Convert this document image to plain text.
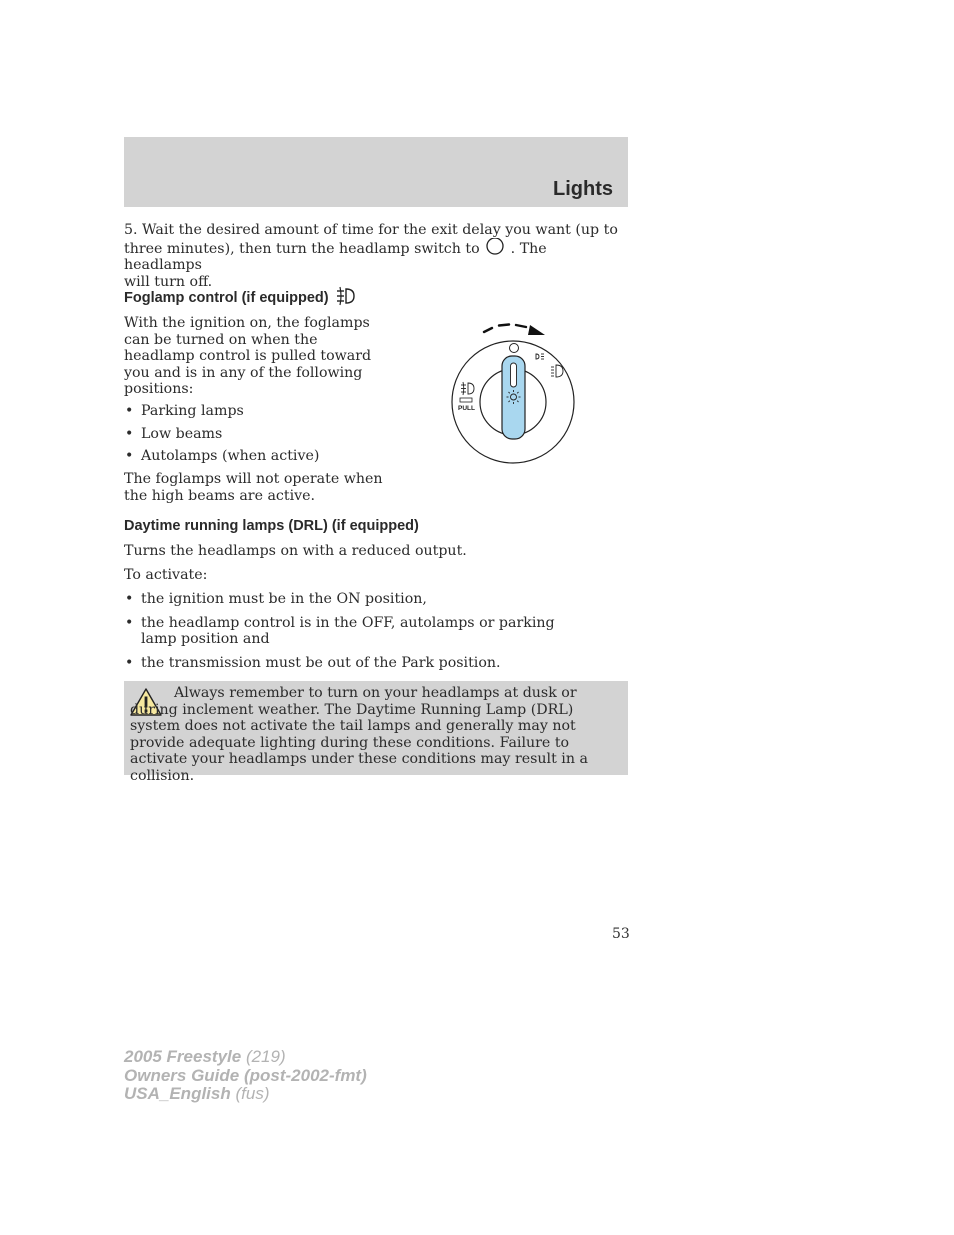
Lights
5. Wait the desired amount of time for the exit delay you want (up to
three minutes), then turn the headlamp switch to . The headlamps
will turn off.
Foglamp control (if equipped)
With the ignition on, the foglamps
can be turned on when the
headlamp control is pulled toward
you and is in any of the following
positions:
• Parking lamps
• Low beams
• Autolamps (when active)
The foglamps will not operate when
the high beams are active.
PULL
Daytime running lamps (DRL) (if equipped)
Turns the headlamps on with a reduced output.
To activate:
• the ignition must be in the ON position,
• the headlamp control is in the OFF, autolamps or parking lamp position and
• the transmission must be out of the Park position.
Always remember to turn on your headlamps at dusk or during inclement weather. The Daytime Running Lamp (DRL) system does not activate the tail lamps and generally may not provide adequate lighting during these conditions. Failure to activate your headlamps under these conditions may result in a collision.
53
2005 Freestyle (219)
Owners Guide (post-2002-fmt)
USA_English (fus)
